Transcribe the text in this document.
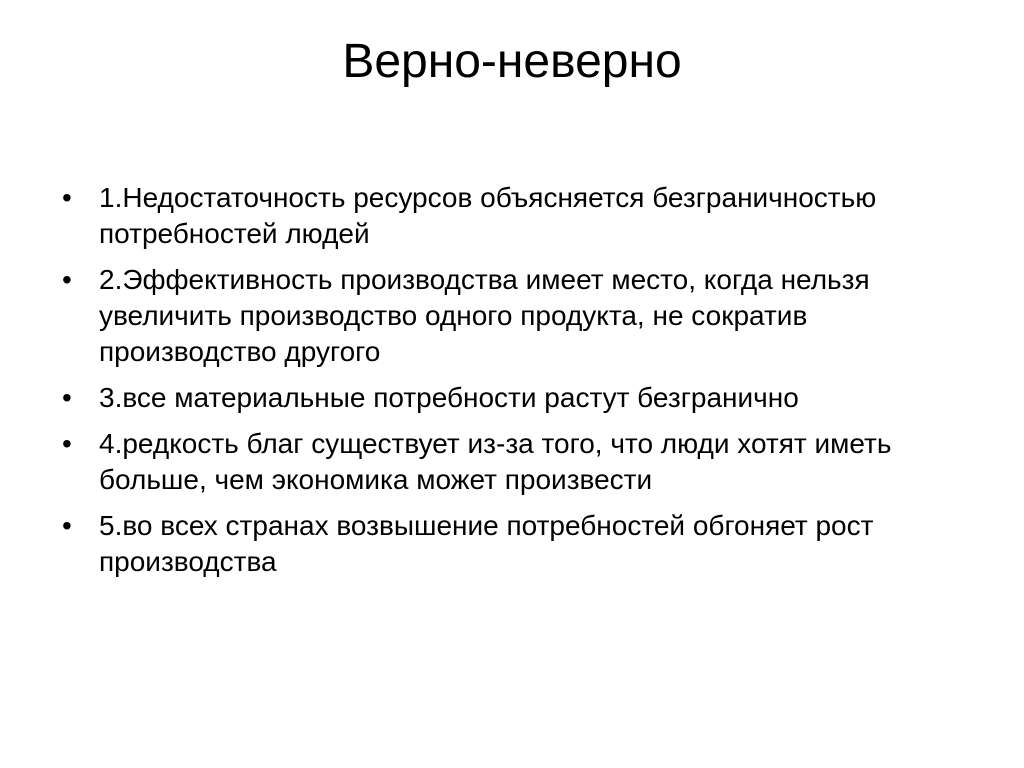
Верно-неверно
• 1.Недостаточность ресурсов объясняется безграничностью потребностей людей
• 2.Эффективность производства имеет место, когда нельзя увеличить производство одного продукта, не сократив производство другого
• 3.все материальные потребности растут безгранично
• 4.редкость благ существует из-за того, что люди хотят иметь больше, чем экономика может произвести
• 5.во всех странах возвышение потребностей обгоняет рост производства
